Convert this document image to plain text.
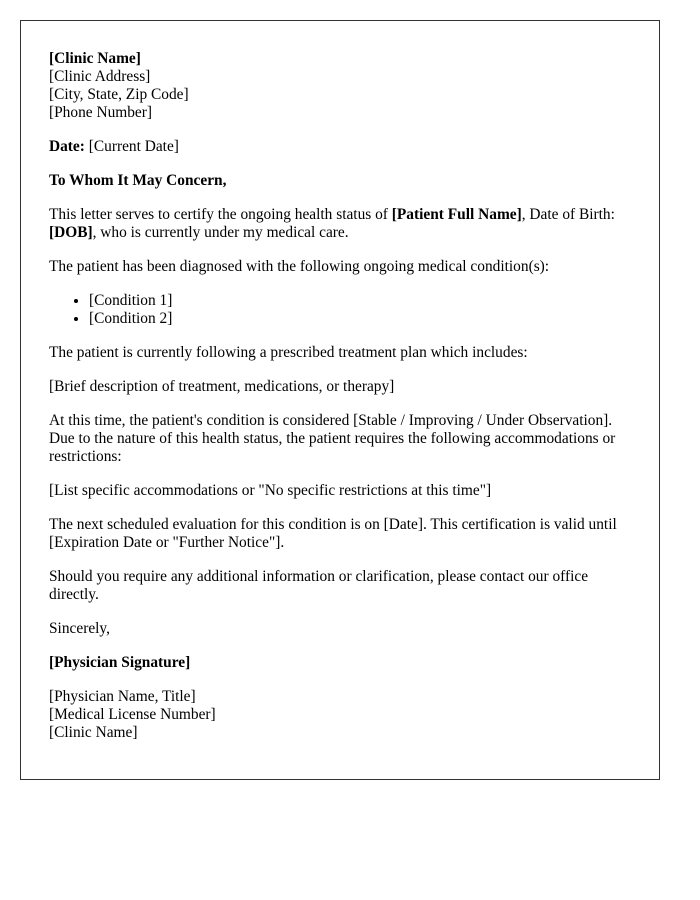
[Clinic Name]
[Clinic Address]
[City, State, Zip Code]
[Phone Number]

Date: [Current Date]

To Whom It May Concern,

This letter serves to certify the ongoing health status of [Patient Full Name], Date of Birth: [DOB], who is currently under my medical care.

The patient has been diagnosed with the following ongoing medical condition(s):

• [Condition 1]
• [Condition 2]

The patient is currently following a prescribed treatment plan which includes:

[Brief description of treatment, medications, or therapy]

At this time, the patient's condition is considered [Stable / Improving / Under Observation]. Due to the nature of this health status, the patient requires the following accommodations or restrictions:

[List specific accommodations or "No specific restrictions at this time"]

The next scheduled evaluation for this condition is on [Date]. This certification is valid until [Expiration Date or "Further Notice"].

Should you require any additional information or clarification, please contact our office directly.

Sincerely,

[Physician Signature]

[Physician Name, Title]
[Medical License Number]
[Clinic Name]
